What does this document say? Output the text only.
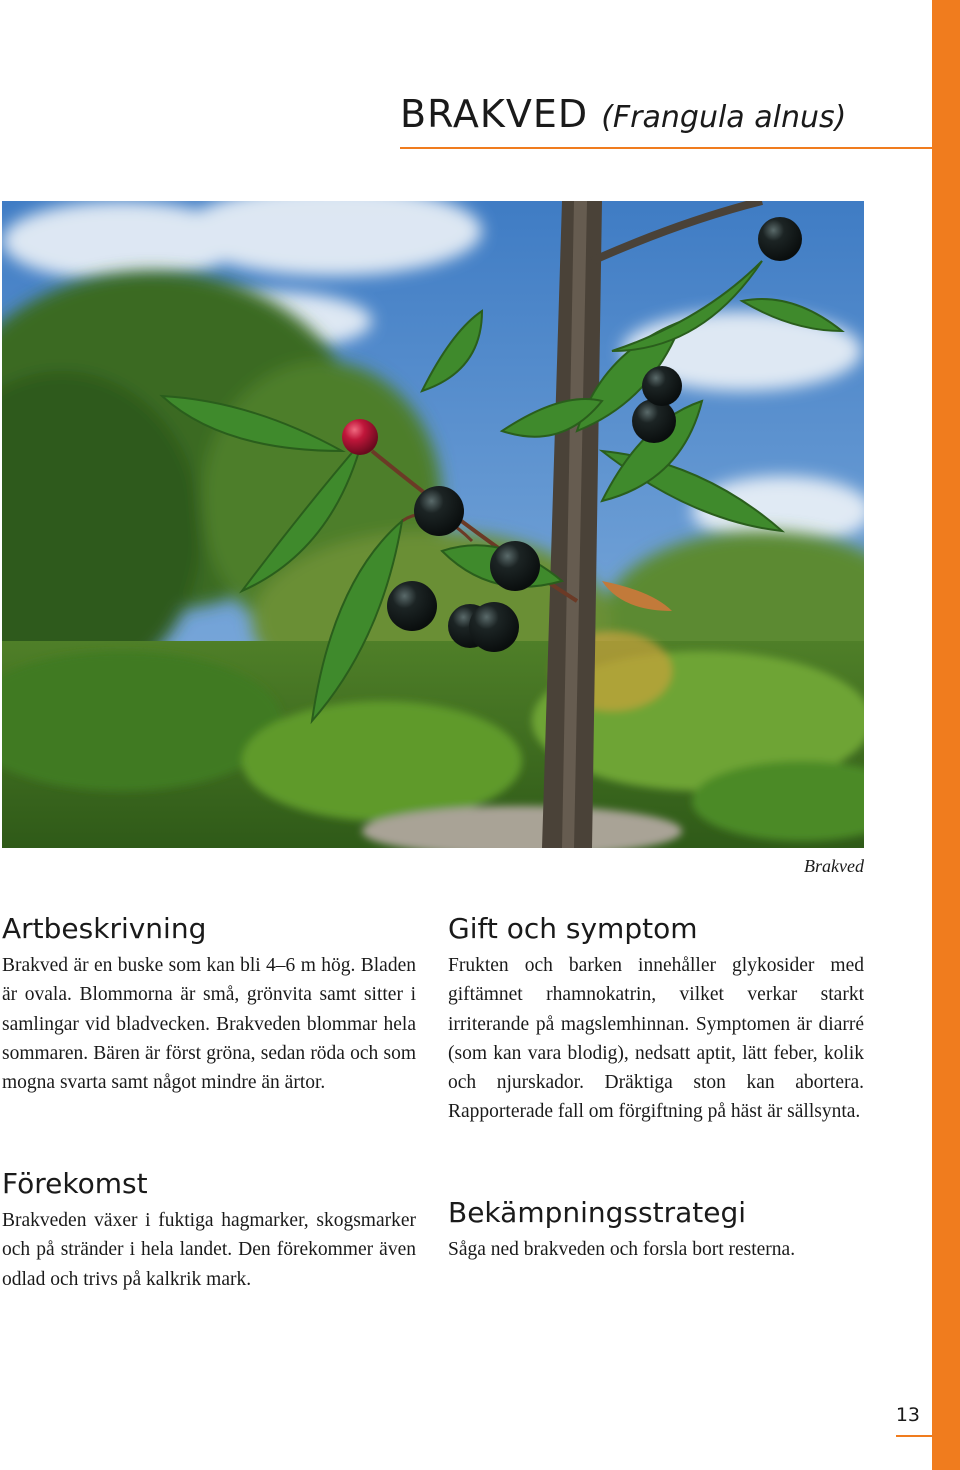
BRAKVED (Frangula alnus)
Brakved
Artbeskrivning

Brakved är en buske som kan bli 4–6 m hög. Bladen är ovala. Blommorna är små, grönvita samt sitter i samlingar vid bladvecken. Brakveden blommar hela sommaren. Bären är först gröna, sedan röda och som mogna svarta samt något mindre än ärtor.

Förekomst

Brakveden växer i fuktiga hagmarker, skogsmarker och på stränder i hela landet. Den förekommer även odlad och trivs på kalkrik mark.

Gift och symptom

Frukten och barken innehåller glykosider med giftämnet rhamnokatrin, vilket verkar starkt irriterande på magslemhinnan. Symptomen är diarré (som kan vara blodig), nedsatt aptit, lätt feber, kolik och njurskador. Dräktiga ston kan abortera. Rapporterade fall om förgiftning på häst är sällsynta.

Bekämpningsstrategi

Såga ned brakveden och forsla bort resterna.

13
